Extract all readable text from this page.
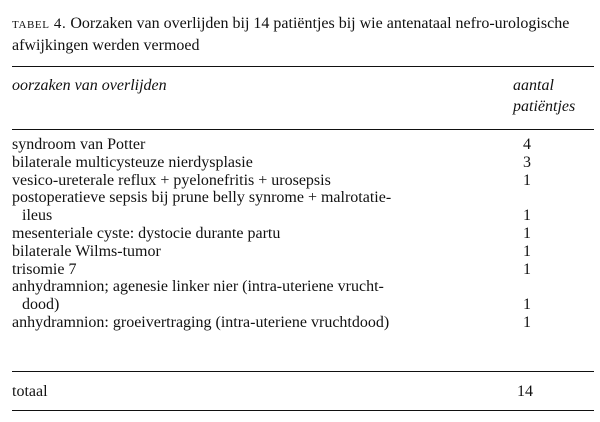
tabel 4. Oorzaken van overlijden bij 14 patiëntjes bij wie antenataal nefro-urologische afwijkingen werden vermoed

oorzaken van overlijden	aantal
patiëntjes

syndroom van Potter	4
bilaterale multicysteuze nierdysplasie	3
vesico-ureterale reflux + pyelonefritis + urosepsis	1
postoperatieve sepsis bij prune belly synrome + malrotatie-
ileus	1
mesenteriale cyste: dystocie durante partu	1
bilaterale Wilms-tumor	1
trisomie 7	1
anhydramnion; agenesie linker nier (intra-uteriene vrucht-
dood)	1
anhydramnion: groeivertraging (intra-uteriene vruchtdood)	1
totaal	14
